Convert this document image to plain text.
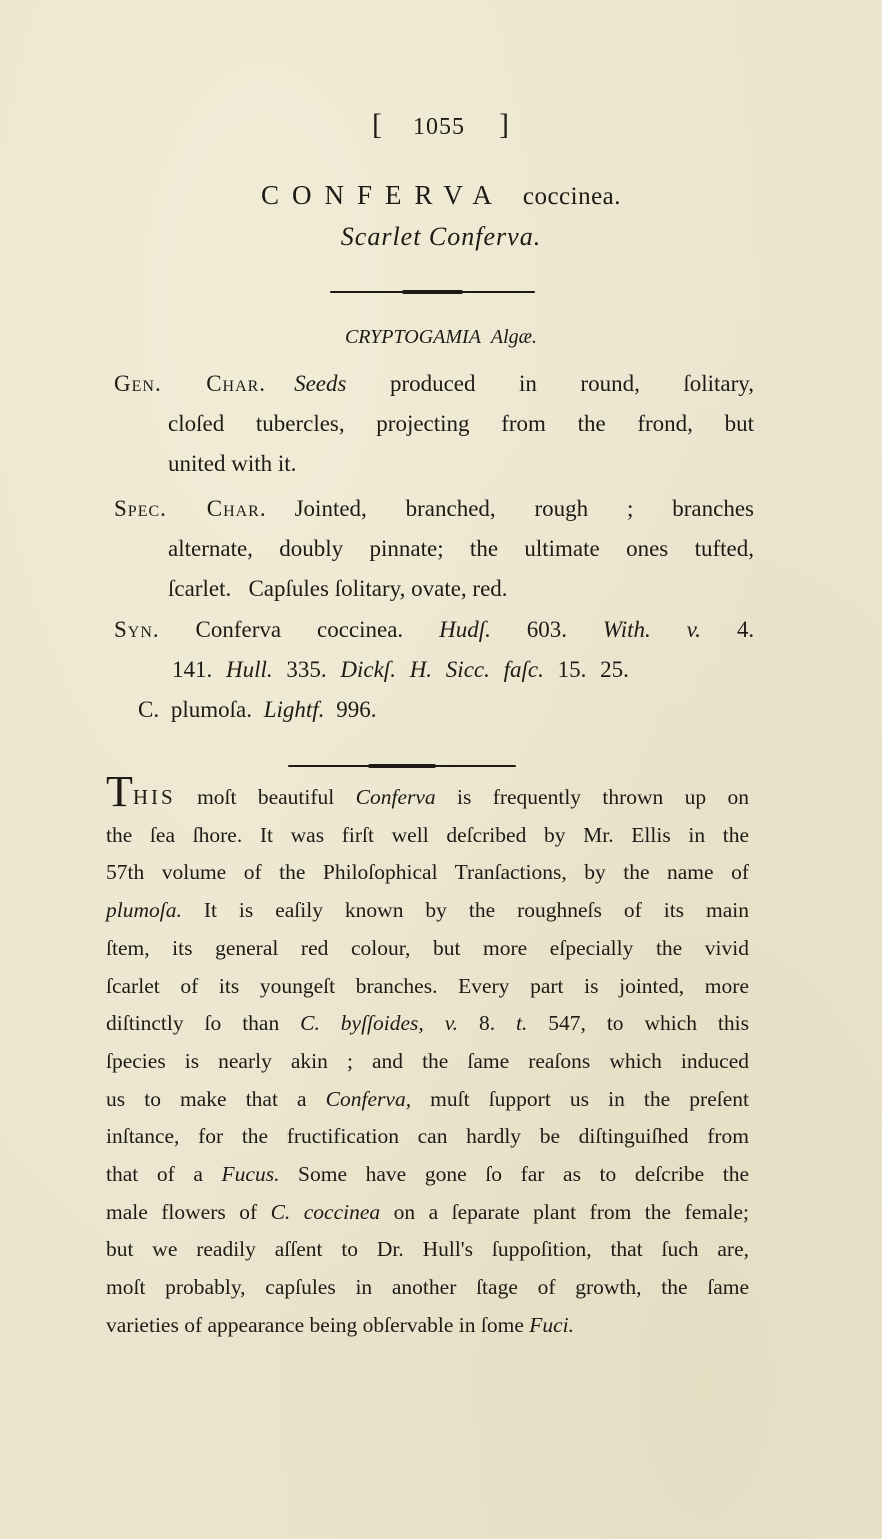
[ 1055 ]
CONFERVA coccinea.
Scarlet Conferva.
CRYPTOGAMIA Algæ.
Gen. Char. Seeds produced in round, ſolitary,
cloſed tubercles, projecting from the frond, but
united with it.
Spec. Char. Jointed, branched, rough ; branches
alternate, doubly pinnate; the ultimate ones tufted,
ſcarlet.   Capſules ſolitary, ovate, red.
Syn. Conferva coccinea. Hudſ. 603. With. v. 4.
141. Hull. 335. Dickſ. H. Sicc. faſc. 15. 25.
C. plumoſa. Lightf. 996.
THIS moſt beautiful Conferva is frequently thrown up on
the ſea ſhore. It was firſt well deſcribed by Mr. Ellis in the
57th volume of the Philoſophical Tranſactions, by the name of
plumoſa. It is eaſily known by the roughneſs of its main
ſtem, its general red colour, but more eſpecially the vivid
ſcarlet of its youngeſt branches. Every part is jointed, more
diſtinctly ſo than C. byſſoides, v. 8. t. 547, to which this
ſpecies is nearly akin ; and the ſame reaſons which induced
us to make that a Conferva, muſt ſupport us in the preſent
inſtance, for the fructification can hardly be diſtinguiſhed from
that of a Fucus. Some have gone ſo far as to deſcribe the
male flowers of C. coccinea on a ſeparate plant from the female;
but we readily aſſent to Dr. Hull's ſuppoſition, that ſuch are,
moſt probably, capſules in another ſtage of growth, the ſame
varieties of appearance being obſervable in ſome Fuci.
